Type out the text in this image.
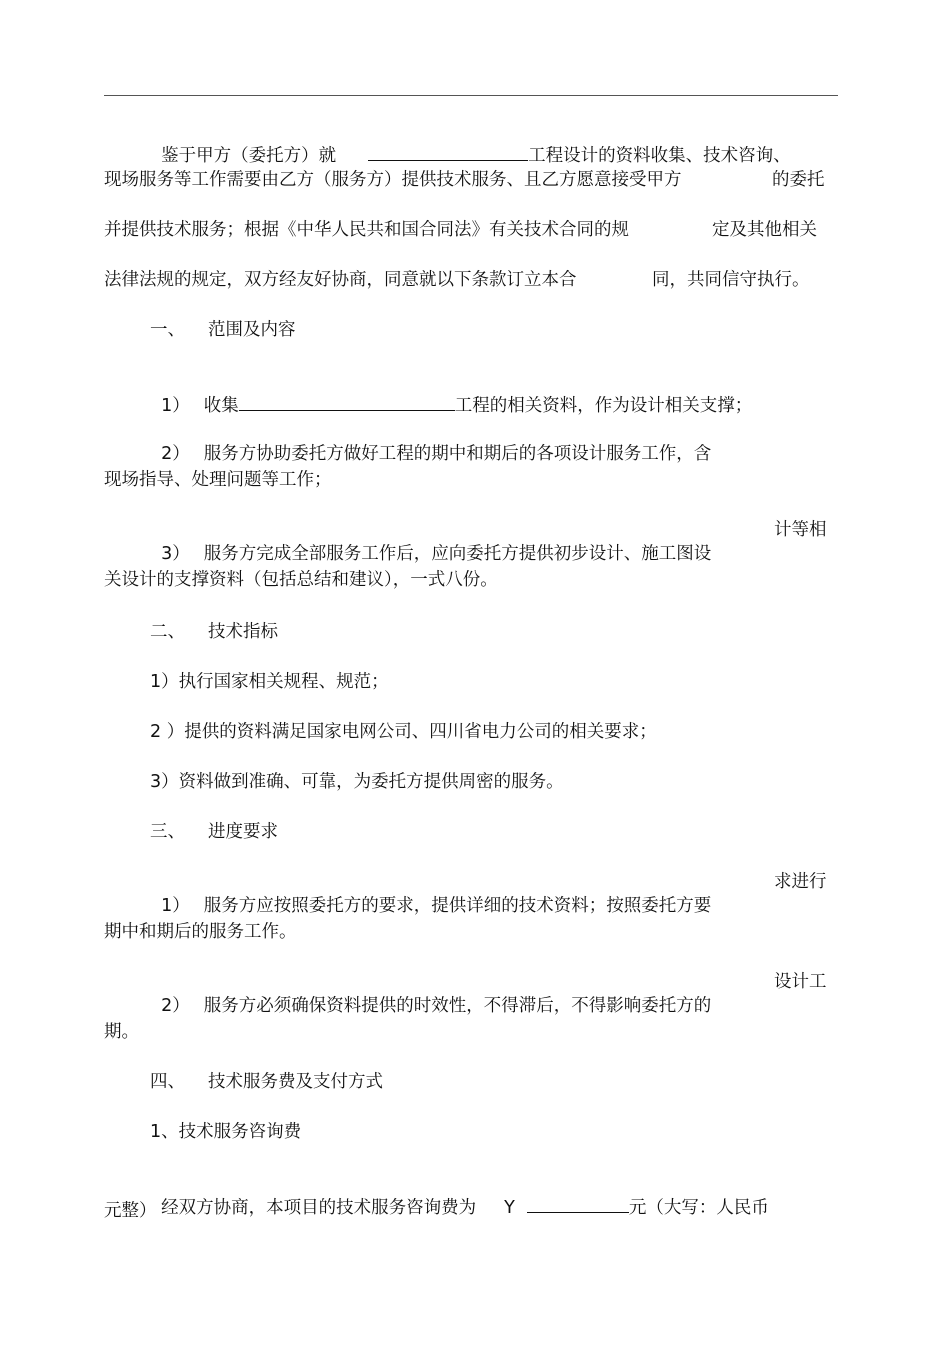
鉴于甲方（委托方）就	工程设计的资料收集、技术咨询、

现场服务等工作需要由乙方（服务方）提供技术服务、且乙方愿意接受甲方	的委托
并提供技术服务；根据《中华人民共和国合同法》有关技术合同的规	定及其他相关
法律法规的规定，双方经友好协商，同意就以下条款订立本合	同，共同信守执行。
一、 范围及内容

1） 收集	工程的相关资料，作为设计相关支撑；

2） 服务方协助委托方做好工程的期中和期后的各项设计服务工作，含

现场指导、处理问题等工作；

3） 服务方完成全部服务工作后，应向委托方提供初步设计、施工图设

计等相
关设计的支撑资料（包括总结和建议），一式八份。
二、 技术指标
1）执行国家相关规程、规范；
2 ）提供的资料满足国家电网公司、四川省电力公司的相关要求；
3）资料做到准确、可靠，为委托方提供周密的服务。
三、 进度要求

1） 服务方应按照委托方的要求，提供详细的技术资料；按照委托方要

求进行
期中和期后的服务工作。

2） 服务方必须确保资料提供的时效性，不得滞后，不得影响委托方的

设计工
期。
四、 技术服务费及支付方式
1、技术服务咨询费

经双方协商，本项目的技术服务咨询费为 Y	元（大写：人民币

元整）
